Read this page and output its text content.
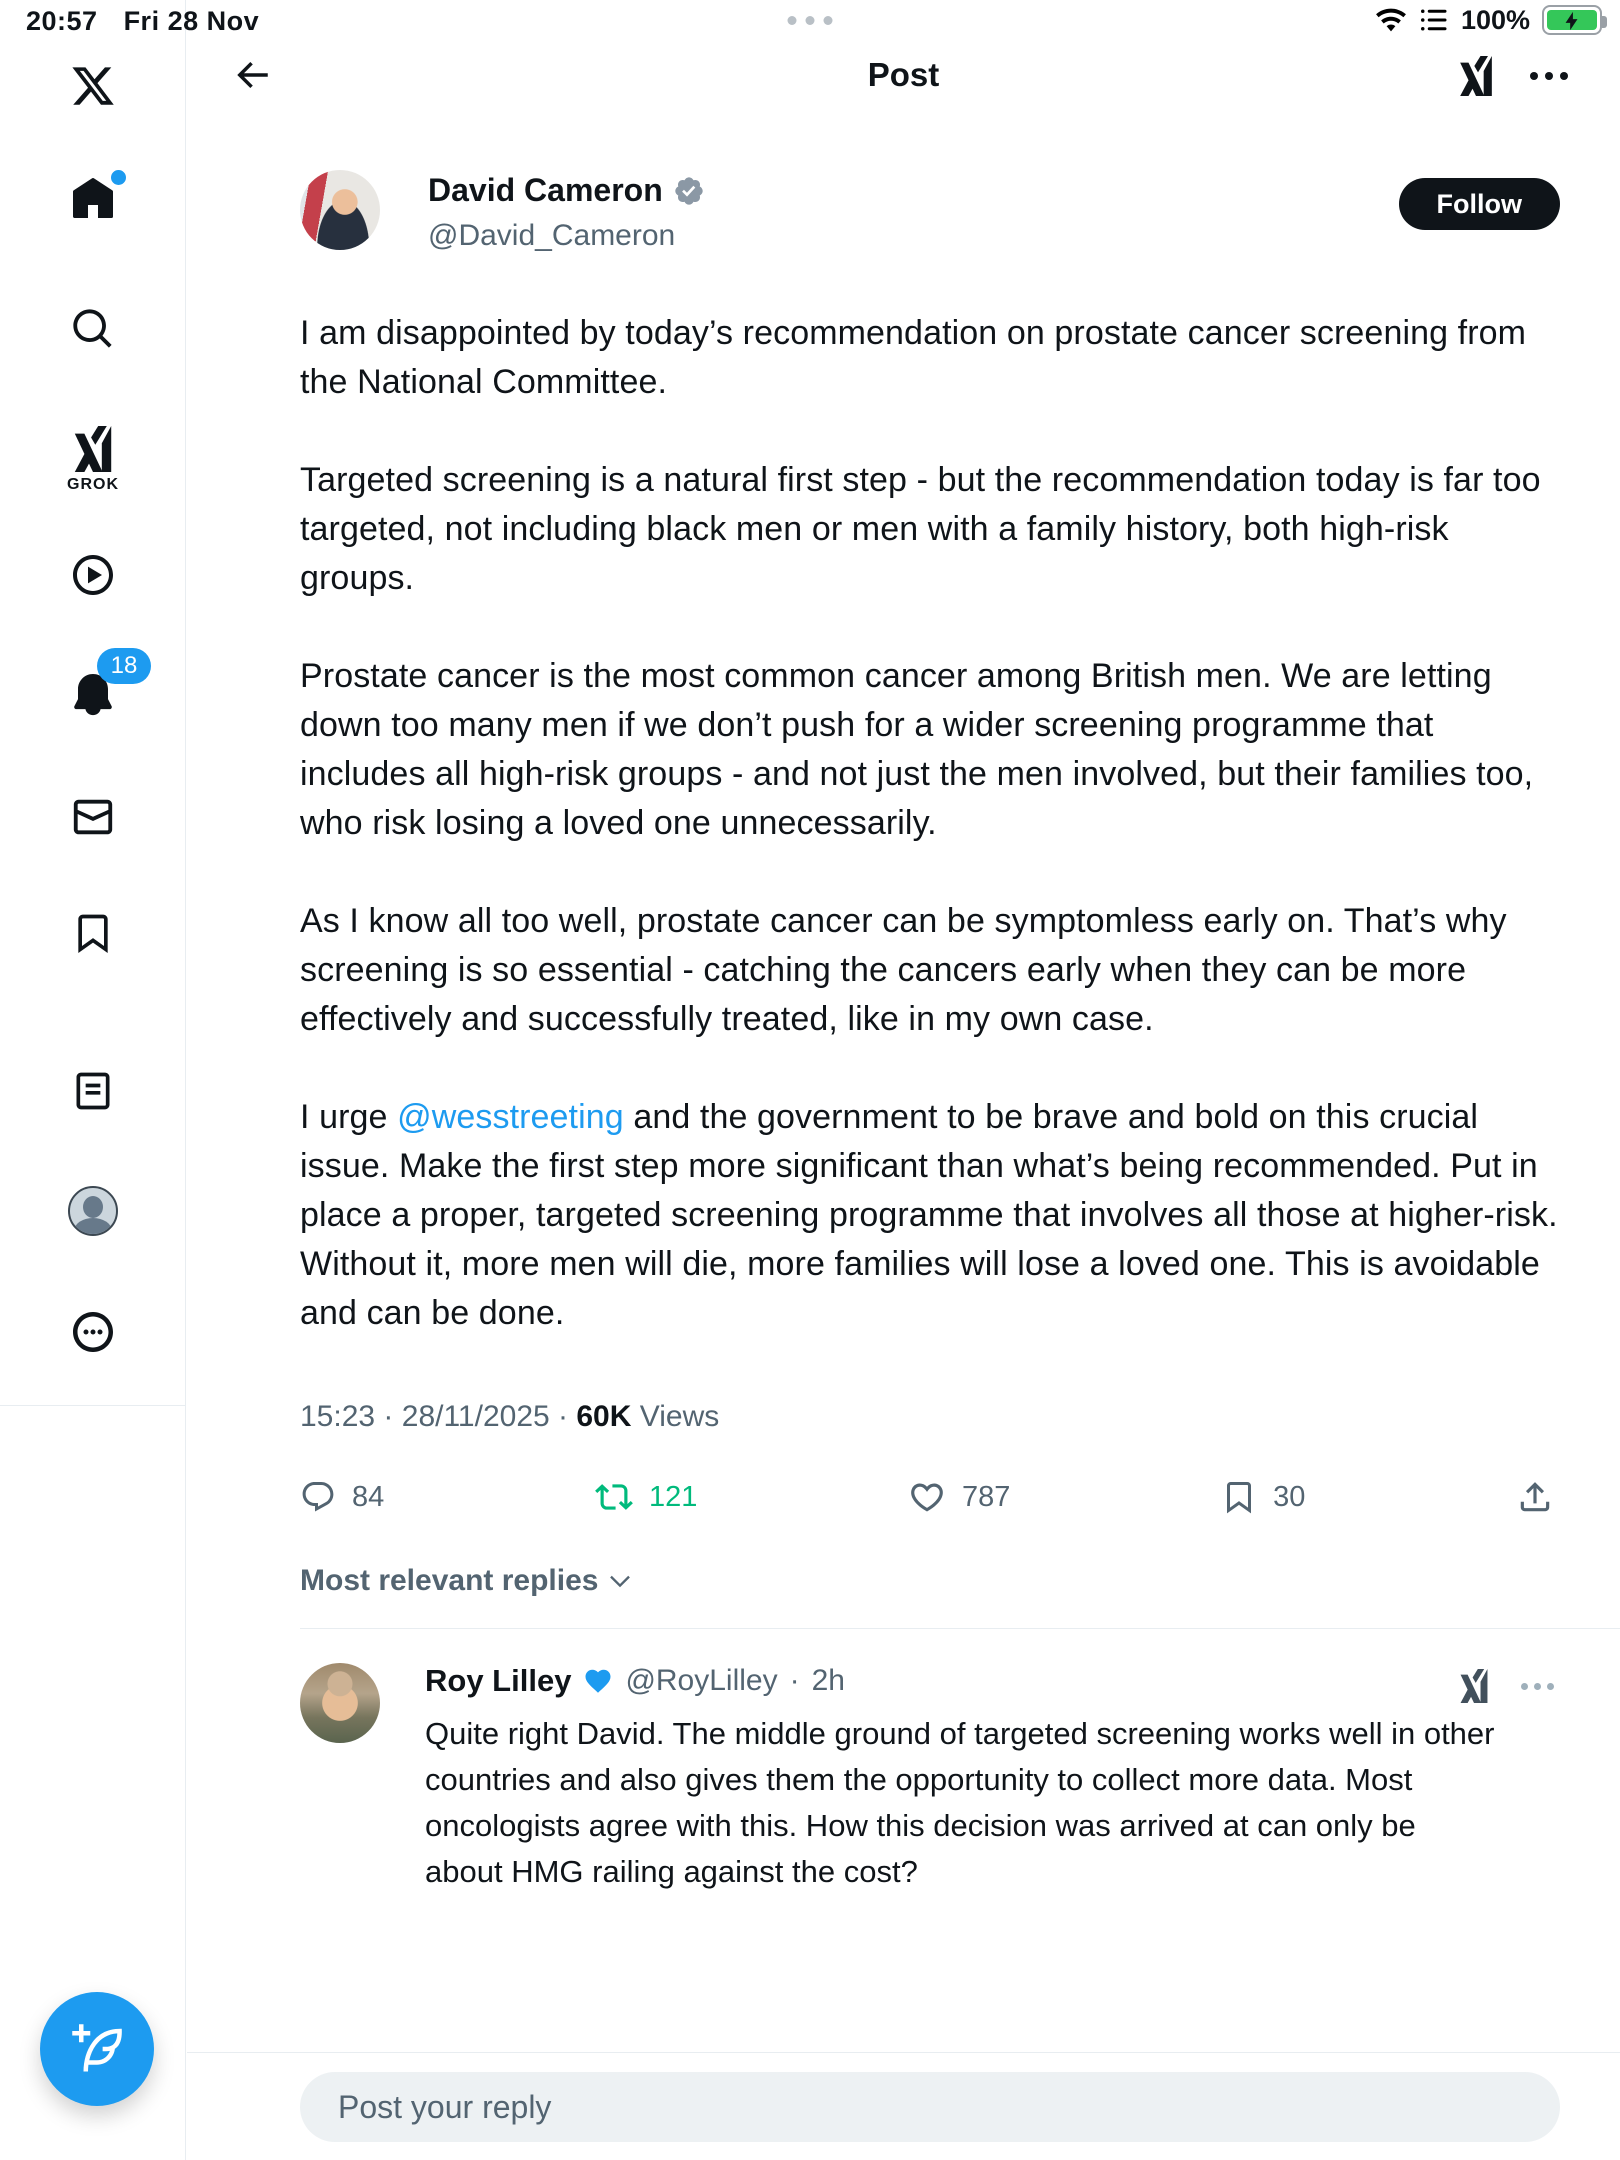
20:57 Fri 28 Nov	100%
GROK
18
Post
David Cameron
@David_Cameron
Follow

I am disappointed by today’s recommendation on prostate cancer screening from the National Committee.

Targeted screening is a natural first step - but the recommendation today is far too targeted, not including black men or men with a family history, both high-risk groups.

Prostate cancer is the most common cancer among British men. We are letting down too many men if we don’t push for a wider screening programme that includes all high-risk groups - and not just the men involved, but their families too, who risk losing a loved one unnecessarily.

As I know all too well, prostate cancer can be symptomless early on. That’s why screening is so essential - catching the cancers early when they can be more effectively and successfully treated, like in my own case.

I urge @wesstreeting and the government to be brave and bold on this crucial issue. Make the first step more significant than what’s being recommended. Put in place a proper, targeted screening programme that involves all those at higher-risk. Without it, more men will die, more families will lose a loved one. This is avoidable and can be done.

15:23 · 28/11/2025 · 60K Views
84	121	787	30
Most relevant replies
Roy Lilley @RoyLilley · 2h
Quite right David. The middle ground of targeted screening works well in other countries and also gives them the opportunity to collect more data. Most oncologists agree with this. How this decision was arrived at can only be about HMG railing against the cost?
Post your reply
